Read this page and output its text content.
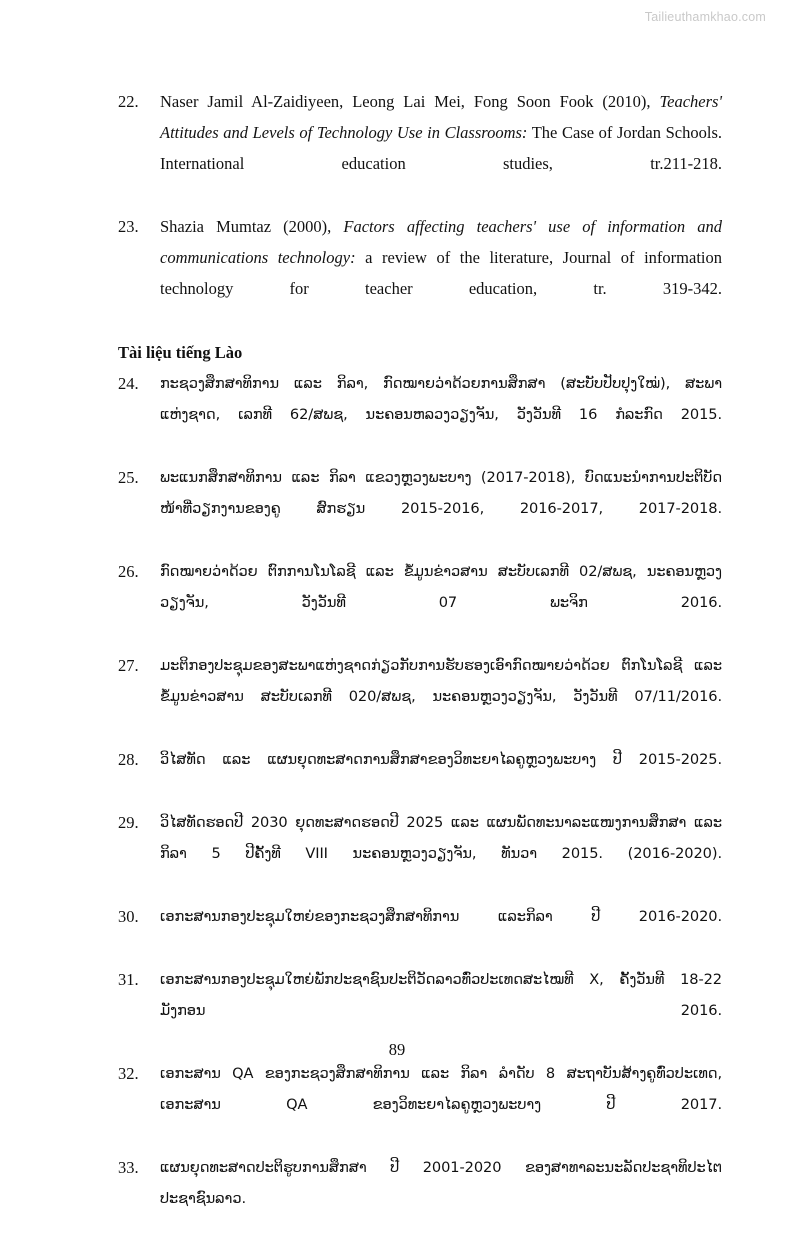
Tailieuthamkhao.com
22.	Naser Jamil Al-Zaidiyeen, Leong Lai Mei, Fong Soon Fook (2010), Teachers' Attitudes and Levels of Technology Use in Classrooms: The Case of Jordan Schools. International education studies, tr.211-218.
23.	Shazia Mumtaz (2000), Factors affecting teachers' use of information and communications technology: a review of the literature, Journal of information technology for teacher education, tr. 319-342.
Tài liệu tiếng Lào
24.	ກະຊວງສຶກສາທິການ ແລະ ກິລາ, ກົດໝາຍວ່າດ້ວຍການສຶກສາ (ສະບັບປັບປຸງໃໝ່), ສະພາແຫ່ງຊາດ, ເລກທີ 62/ສພຊ, ນະຄອນຫລວງວຽງຈັນ, ວັງວັນທີ 16 ກໍລະກົດ 2015.
25.	ພະແນກສຶກສາທິການ ແລະ ກິລາ ແຂວງຫຼວງພະບາງ (2017-2018), ບົດແນະນໍາການປະຕິບັດໜ້າທີ່ວຽກງານຂອງຄູ ສົກຮຽນ 2015-2016, 2016-2017, 2017-2018.
26.	ກົດໝາຍວ່າດ້ວຍ ຕົກການໂນໂລຊີ ແລະ ຂໍ້ມູນຂ່າວສານ ສະບັບເລກທີ 02/ສພຊ, ນະຄອນຫຼວງວຽງຈັນ, ວັງວັນທີ 07 ພະຈິກ 2016.
27.	ມະຕິກອງປະຊຸມຂອງສະພາແຫ່ງຊາດກ່ຽວກັບການຮັບຮອງເອົາກົດໝາຍວ່າດ້ວຍ ຕົກໂນໂລຊີ ແລະ ຂໍ້ມູນຂ່າວສານ ສະບັບເລກທີ 020/ສພຊ, ນະຄອນຫຼວງວຽງຈັນ, ວັງວັນທີ 07/11/2016.
28.	ວິໄສທັດ ແລະ ແຜນຍຸດທະສາດການສຶກສາຂອງວິທະຍາໄລຄູຫຼວງພະບາງ ປີ 2015-2025.
29.	ວິໄສທັດຮອດປີ 2030 ຍຸດທະສາດຮອດປີ 2025 ແລະ ແຜນພັດທະນາລະແໜງການສຶກສາ ແລະ ກິລາ 5 ປີຄັ້ງທີ VIII ນະຄອນຫຼວງວຽງຈັນ, ທັນວາ 2015. (2016-2020).
30.	ເອກະສານກອງປະຊຸມໃຫຍ່ຂອງກະຊວງສຶກສາທິການ ແລະກິລາ ປີ 2016-2020.
31.	ເອກະສານກອງປະຊຸມໃຫຍ່ພັກປະຊາຊົນປະຕິວັດລາວທົ່ວປະເທດສະໄໝທີ X, ຄັ້ງວັນທີ 18-22 ມັງກອນ 2016.
32.	ເອກະສານ QA ຂອງກະຊວງສຶກສາທິການ ແລະ ກິລາ ລໍາດັບ 8 ສະຖາບັນສ້າງຄູທົ່ວປະເທດ, ເອກະສານ QA ຂອງວິທະຍາໄລຄູຫຼວງພະບາງ ປີ 2017.
33.	ແຜນຍຸດທະສາດປະຕິຮູບການສຶກສາ ປີ 2001-2020 ຂອງສາທາລະນະລັດປະຊາທິປະໄຕ ປະຊາຊົນລາວ.
89
